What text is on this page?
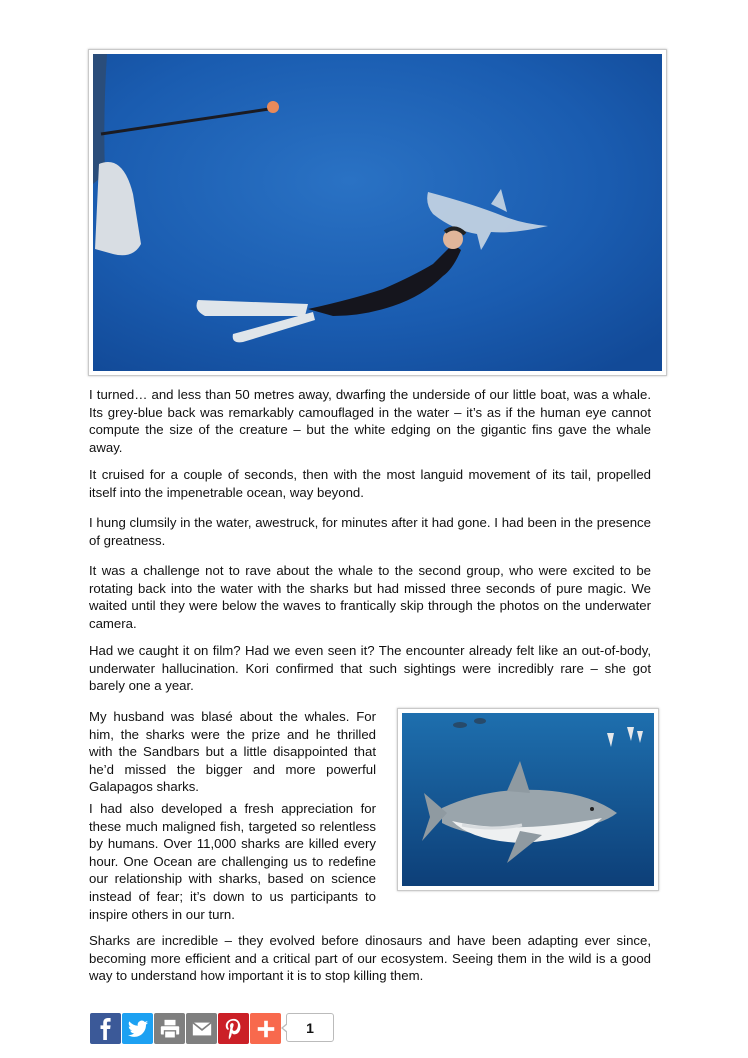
I turned… and less than 50 metres away, dwarfing the underside of our little boat, was a whale. Its grey-blue back was remarkably camouflaged in the water – it’s as if the human eye cannot compute the size of the creature – but the white edging on the gigantic fins gave the whale away.

It cruised for a couple of seconds, then with the most languid movement of its tail, propelled itself into the impenetrable ocean, way beyond.

I hung clumsily in the water, awestruck, for minutes after it had gone. I had been in the presence of greatness.

It was a challenge not to rave about the whale to the second group, who were excited to be rotating back into the water with the sharks but had missed three seconds of pure magic. We waited until they were below the waves to frantically skip through the photos on the underwater camera.

Had we caught it on film? Had we even seen it? The encounter already felt like an out-of-body, underwater hallucination. Kori confirmed that such sightings were incredibly rare – she got barely one a year.

My husband was blasé about the whales. For him, the sharks were the prize and he thrilled with the Sandbars but a little disappointed that he’d missed the bigger and more powerful Galapagos sharks.

I had also developed a fresh appreciation for these much maligned fish, targeted so relentless by humans. Over 11,000 sharks are killed every hour. One Ocean are challenging us to redefine our relationship with sharks, based on science instead of fear; it’s down to us participants to inspire others in our turn.

Sharks are incredible – they evolved before dinosaurs and have been adapting ever since, becoming more efficient and a critical part of our ecosystem. Seeing them in the wild is a good way to understand how important it is to stop killing them.

1
